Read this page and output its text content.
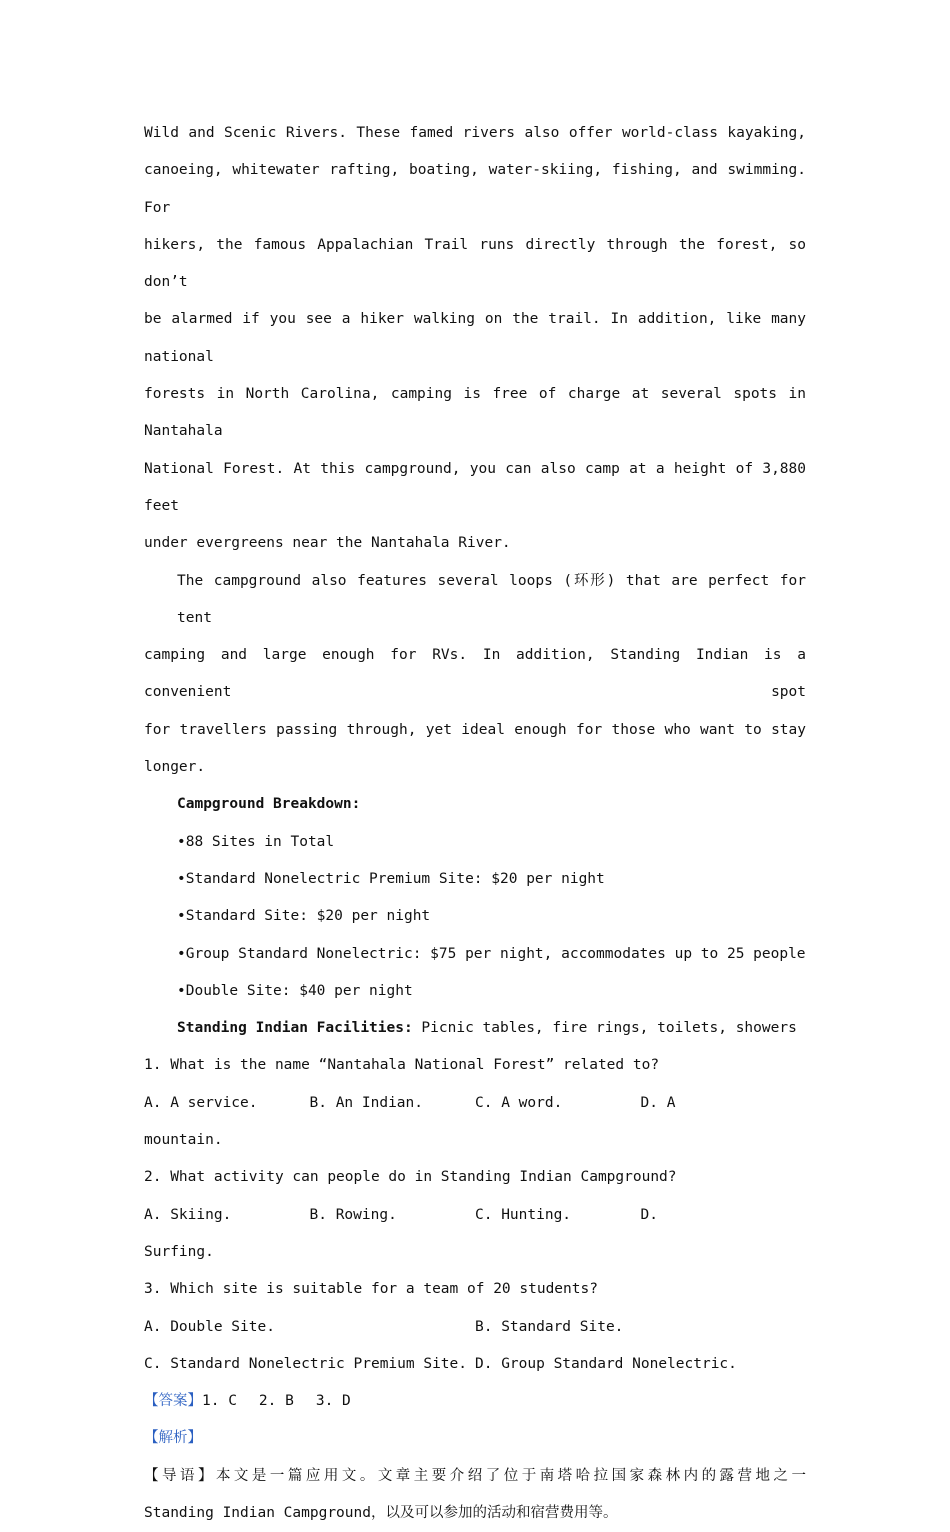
Wild and Scenic Rivers. These famed rivers also offer world-class kayaking,

canoeing, whitewater rafting, boating, water-skiing, fishing, and swimming. For

hikers, the famous Appalachian Trail runs directly through the forest, so don’t

be alarmed if you see a hiker walking on the trail. In addition, like many national

forests in North Carolina, camping is free of charge at several spots in Nantahala

National Forest. At this campground, you can also camp at a height of 3,880 feet

under evergreens near the Nantahala River.

The campground also features several loops (环形) that are perfect for tent

camping and large enough for RVs. In addition, Standing Indian is a convenient spot

for travellers passing through, yet ideal enough for those who want to stay longer.

Campground Breakdown:

•88 Sites in Total

•Standard Nonelectric Premium Site: $20 per night

•Standard Site: $20 per night

•Group Standard Nonelectric: $75 per night, accommodates up to 25 people

•Double Site: $40 per night

Standing Indian Facilities: Picnic tables, fire rings, toilets, showers

1. What is the name “Nantahala National Forest” related to?

A. A service.	B. An Indian.	C. A word.	D. A

mountain.

2. What activity can people do in Standing Indian Campground?

A. Skiing.	B. Rowing.	C. Hunting.	D.

Surfing.

3. Which site is suitable for a team of 20 students?

A. Double Site.	B. Standard Site.
C. Standard Nonelectric Premium Site. D. Group Standard Nonelectric.

【答案】1. C 2. B 3. D

【解析】

【导语】本文是一篇应用文。文章主要介绍了位于南塔哈拉国家森林内的露营地之一

Standing Indian Campground，以及可以参加的活动和宿营费用等。
